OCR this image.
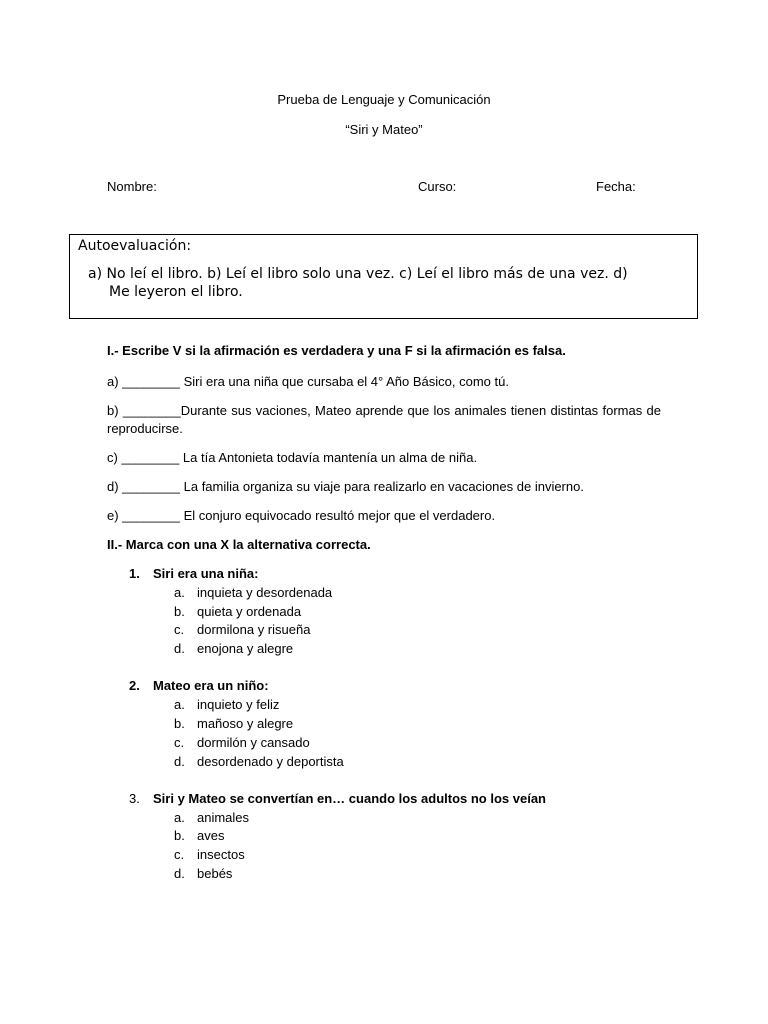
Prueba de Lenguaje y Comunicación
“Siri y Mateo”
Nombre:	Curso:	Fecha:
Autoevaluación:
a) No leí el libro. b) Leí el libro solo una vez. c) Leí el libro más de una vez. d)
Me leyeron el libro.
I.- Escribe V si la afirmación es verdadera y una F si la afirmación es falsa.
a) ________ Siri era una niña que cursaba el 4° Año Básico, como tú.
b) ________Durante sus vaciones, Mateo aprende que los animales tienen distintas formas de reproducirse.
c) ________ La tía Antonieta todavía mantenía un alma de niña.
d) ________ La familia organiza su viaje para realizarlo en vacaciones de invierno.
e) ________ El conjuro equivocado resultó mejor que el verdadero.
II.- Marca con una X la alternativa correcta.
1. Siri era una niña:
a. inquieta y desordenada
b. quieta y ordenada
c. dormilona y risueña
d. enojona y alegre
2. Mateo era un niño:
a. inquieto y feliz
b. mañoso y alegre
c. dormilón y cansado
d. desordenado y deportista
3. Siri y Mateo se convertían en… cuando los adultos no los veían
a. animales
b. aves
c. insectos
d. bebés
